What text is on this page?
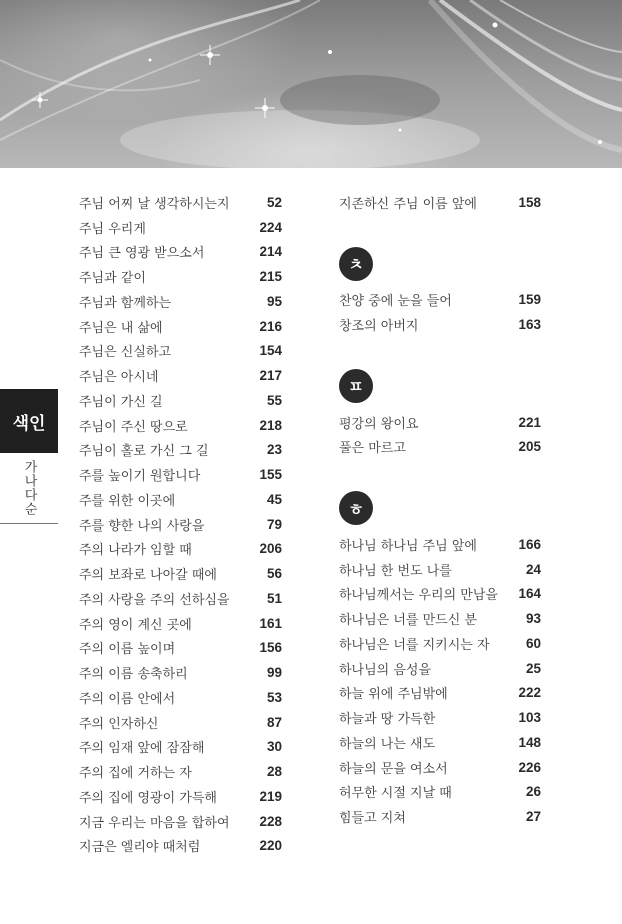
색인
가나다순
주님 어찌 날 생각하시는지	52
주님 우리게	224
주님 큰 영광 받으소서	214
주님과 같이	215
주님과 함께하는	95
주님은 내 삶에	216
주님은 신실하고	154
주님은 아시네	217
주님이 가신 길	55
주님이 주신 땅으로	218
주님이 홀로 가신 그 길	23
주를 높이기 원합니다	155
주를 위한 이곳에	45
주를 향한 나의 사랑을	79
주의 나라가 임할 때	206
주의 보좌로 나아갈 때에	56
주의 사랑을 주의 선하심을	51
주의 영이 계신 곳에	161
주의 이름 높이며	156
주의 이름 송축하리	99
주의 이름 안에서	53
주의 인자하신	87
주의 임재 앞에 잠잠해	30
주의 집에 거하는 자	28
주의 집에 영광이 가득해	219
지금 우리는 마음을 합하여 228
지금은 엘리야 때처럼	220
지존하신 주님 이름 앞에	158
ㅊ
찬양 중에 눈을 들어	159
창조의 아버지	163
ㅍ
평강의 왕이요	221
풀은 마르고	205
ㅎ
하나님 하나님 주님 앞에	166
하나님 한 번도 나를	24
하나님께서는 우리의 만남을 164
하나님은 너를 만드신 분	93
하나님은 너를 지키시는 자	60
하나님의 음성을	25
하늘 위에 주님밖에	222
하늘과 땅 가득한	103
하늘의 나는 새도	148
하늘의 문을 여소서	226
허무한 시절 지날 때	26
힘들고 지쳐	27
